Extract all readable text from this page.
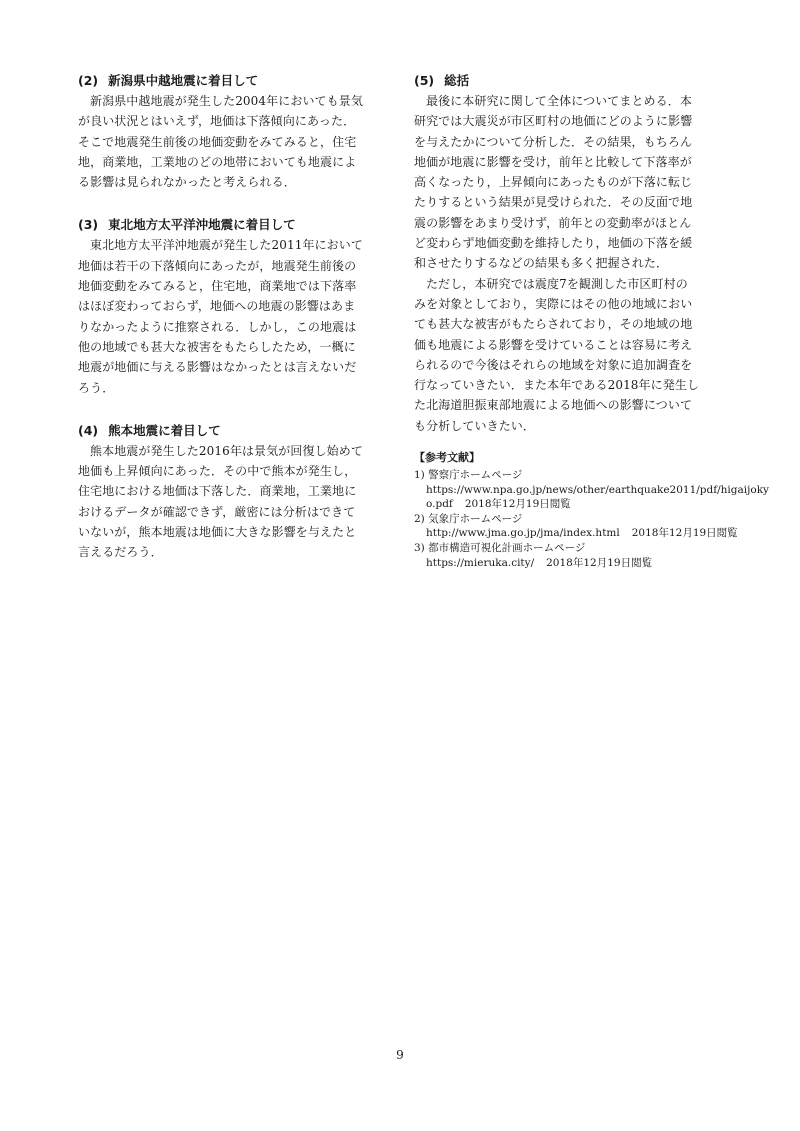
(2) 新潟県中越地震に着目して
新潟県中越地震が発生した2004年においても景気
が良い状況とはいえず，地価は下落傾向にあった．
そこで地震発生前後の地価変動をみてみると，住宅
地，商業地，工業地のどの地帯においても地震によ
る影響は見られなかったと考えられる．
(3) 東北地方太平洋沖地震に着目して
東北地方太平洋沖地震が発生した2011年において
地価は若干の下落傾向にあったが，地震発生前後の
地価変動をみてみると，住宅地，商業地では下落率
はほぼ変わっておらず，地価への地震の影響はあま
りなかったように推察される．しかし，この地震は
他の地域でも甚大な被害をもたらしたため，一概に
地震が地価に与える影響はなかったとは言えないだ
ろう．
(4) 熊本地震に着目して
熊本地震が発生した2016年は景気が回復し始めて
地価も上昇傾向にあった．その中で熊本が発生し，
住宅地における地価は下落した．商業地，工業地に
おけるデータが確認できず，厳密には分析はできて
いないが，熊本地震は地価に大きな影響を与えたと
言えるだろう．
(5) 総括
最後に本研究に関して全体についてまとめる．本
研究では大震災が市区町村の地価にどのように影響
を与えたかについて分析した．その結果，もちろん
地価が地震に影響を受け，前年と比較して下落率が
高くなったり，上昇傾向にあったものが下落に転じ
たりするという結果が見受けられた．その反面で地
震の影響をあまり受けず，前年との変動率がほとん
ど変わらず地価変動を維持したり，地価の下落を緩
和させたりするなどの結果も多く把握された．
ただし，本研究では震度7を観測した市区町村の
みを対象としており，実際にはその他の地域におい
ても甚大な被害がもたらされており，その地域の地
価も地震による影響を受けていることは容易に考え
られるので今後はそれらの地域を対象に追加調査を
行なっていきたい．また本年である2018年に発生し
た北海道胆振東部地震による地価への影響について
も分析していきたい．
【参考文献】
1) 警察庁ホームページ
https://www.npa.go.jp/news/other/earthquake2011/pdf/higaijoky
o.pdf 2018年12月19日閲覧
2) 気象庁ホームページ
http://www.jma.go.jp/jma/index.html 2018年12月19日閲覧
3) 都市構造可視化計画ホームページ
https://mieruka.city/ 2018年12月19日閲覧
9
